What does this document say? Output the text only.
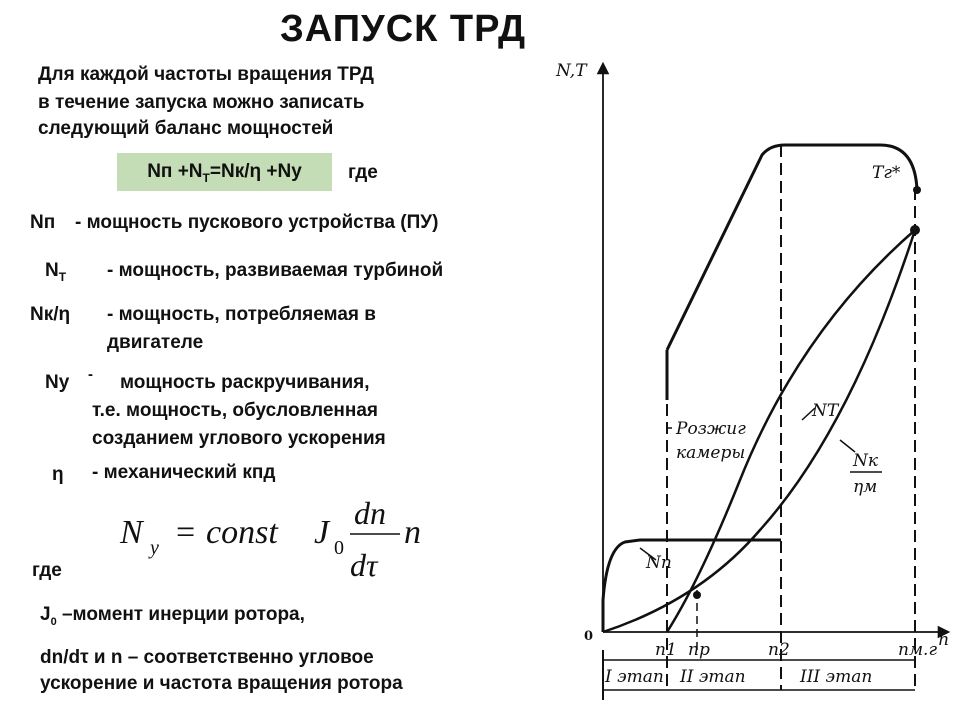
ЗАПУСК ТРД
Для каждой частоты вращения ТРД
в течение запуска можно записать
следующий баланс мощностей
Nп $+N_Т=Nк/\eta +Nу$	где
Nп - мощность пускового устройства (ПУ)
$N_Т$ - мощность, развиваемая турбиной
Nк/η - мощность, потребляемая в
двигателе
Nу - мощность раскручивания,
т.е. мощность, обусловленная
созданием углового ускорения
η - механический кпд
N y = const J 0
dn
dτ
n
где
$J_0$ –момент инерции ротора,
dn/dτ и n – соответственно угловое
ускорение и частота вращения ротора
N,T
n
0
n1 np	n2	nм.г
I этап II этап	III этап
Tг*
NТ
Nк
ηм
Nп
Розжиг
камеры
